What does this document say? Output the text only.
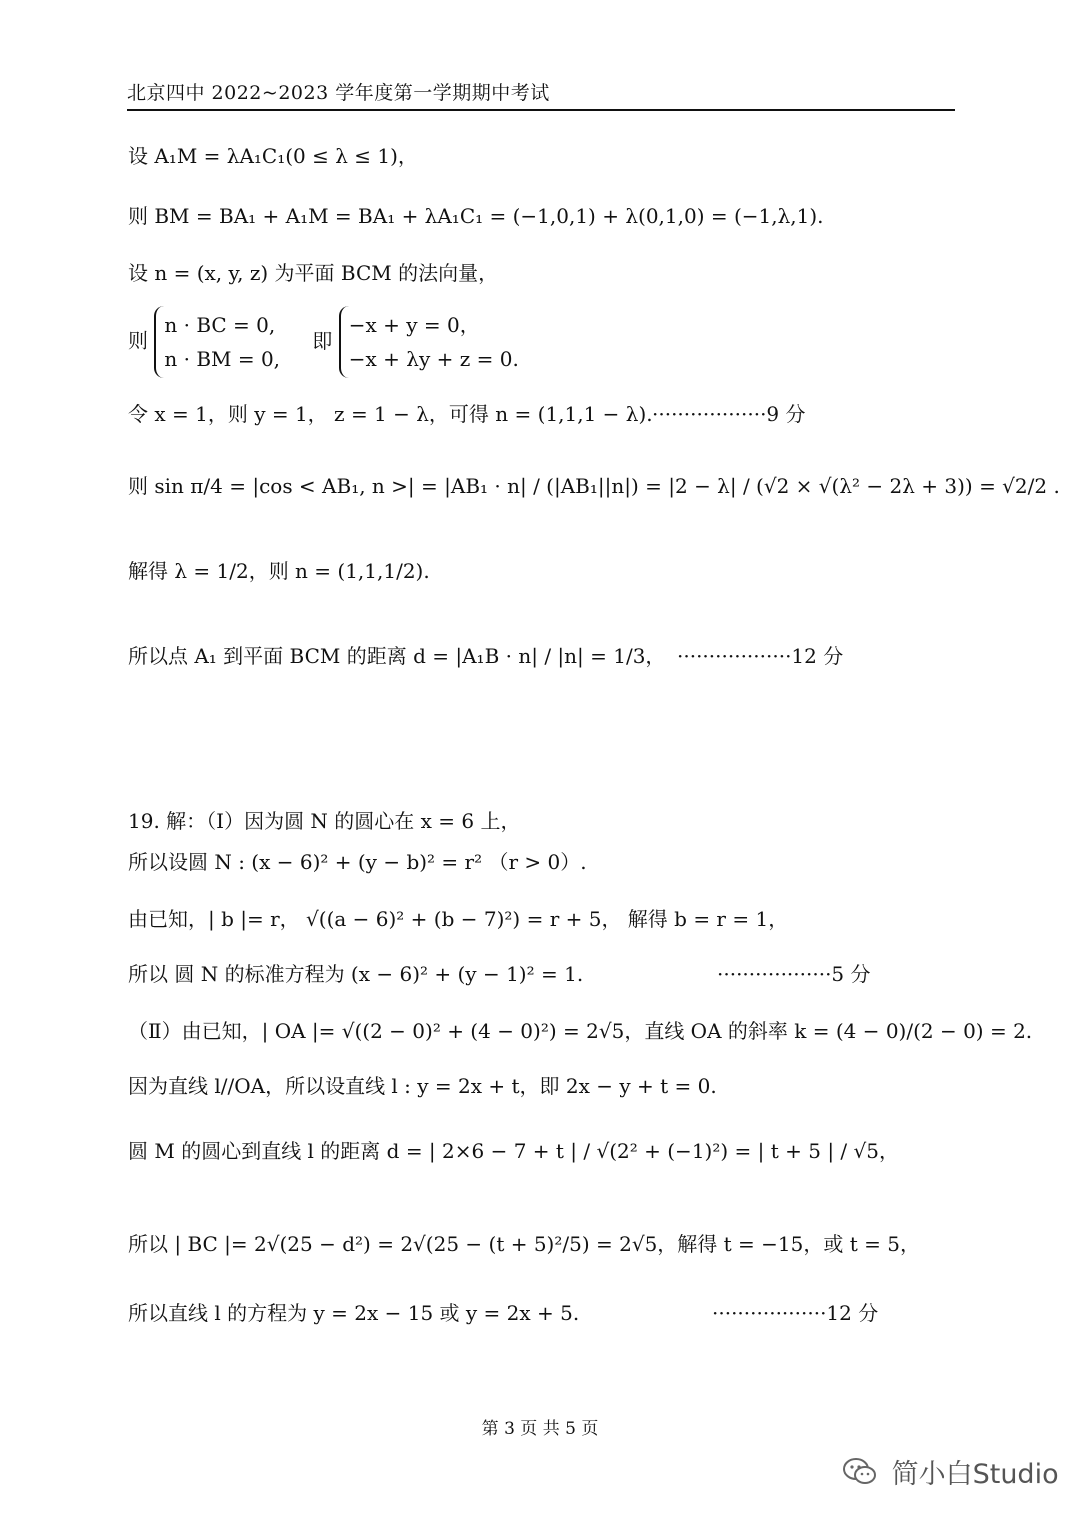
北京四中 2022~2023 学年度第一学期期中考试
设 A₁M = λA₁C₁(0 ≤ λ ≤ 1)，
则 BM = BA₁ + A₁M = BA₁ + λA₁C₁ = (−1,0,1) + λ(0,1,0) = (−1,λ,1).
设 n = (x, y, z) 为平面 BCM 的法向量，
则
n · BC = 0,
n · BM = 0,
即
−x + y = 0，
−x + λy + z = 0.
令 x = 1，则 y = 1， z = 1 − λ，可得 n = (1,1,1 − λ). ··················9 分
则 sin π/4 = |cos < AB₁, n >| = |AB₁ · n| / (|AB₁||n|) = |2 − λ| / (√2 × √(λ² − 2λ + 3)) = √2/2 .
解得 λ = 1/2，则 n = (1,1,1/2).
所以点 A₁ 到平面 BCM 的距离 d = |A₁B · n| / |n| = 1/3， ··················12 分
19. 解：（Ⅰ）因为圆 N 的圆心在 x = 6 上，
所以设圆 N : (x − 6)² + (y − b)² = r² （r > 0）.
由已知，| b |= r， √((a − 6)² + (b − 7)²) = r + 5， 解得 b = r = 1，
所以 圆 N 的标准方程为 (x − 6)² + (y − 1)² = 1.	··················5 分
（Ⅱ）由已知，| OA |= √((2 − 0)² + (4 − 0)²) = 2√5，直线 OA 的斜率 k = (4 − 0)/(2 − 0) = 2.
因为直线 l//OA，所以设直线 l : y = 2x + t，即 2x − y + t = 0.
圆 M 的圆心到直线 l 的距离 d = | 2×6 − 7 + t | / √(2² + (−1)²) = | t + 5 | / √5，
所以 | BC |= 2√(25 − d²) = 2√(25 − (t + 5)²/5) = 2√5，解得 t = −15，或 t = 5，
所以直线 l 的方程为 y = 2x − 15 或 y = 2x + 5.	··················12 分
第 3 页 共 5 页
简小白Studio
